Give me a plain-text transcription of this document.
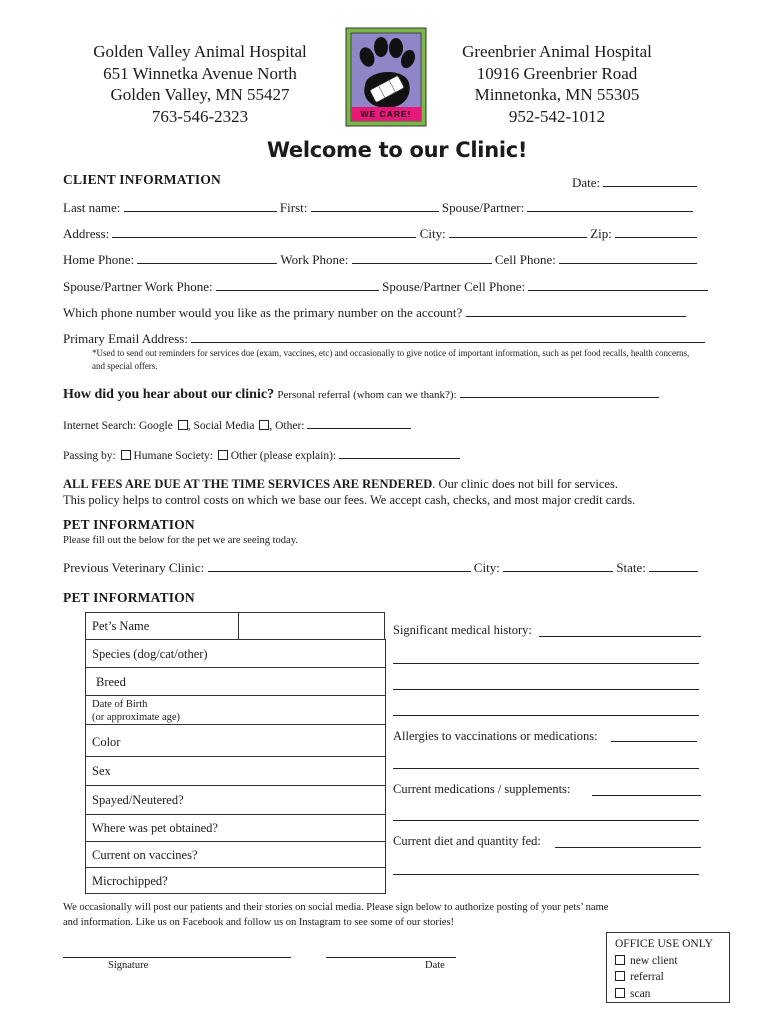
Golden Valley Animal Hospital
651 Winnetka Avenue North
Golden Valley, MN 55427
763-546-2323	WE CARE!
Greenbrier Animal Hospital
10916 Greenbrier Road
Minnetonka, MN 55305
952-542-1012
Welcome to our Clinic!
CLIENT INFORMATION	Date:
Last name:	First:	Spouse/Partner:
Address:	City:	Zip:
Home Phone:	Work Phone:	Cell Phone:
Spouse/Partner Work Phone:	Spouse/Partner Cell Phone:
Which phone number would you like as the primary number on the account?
Primary Email Address:
*Used to send out reminders for services due (exam, vaccines, etc) and occasionally to give notice of important information, such as pet food recalls, health concerns, and special offers.
How did you hear about our clinic? Personal referral (whom can we thank?):
Internet Search: Google , Social Media , Other:
Passing by: Humane Society: Other (please explain):
ALL FEES ARE DUE AT THE TIME SERVICES ARE RENDERED. Our clinic does not bill for services.
This policy helps to control costs on which we base our fees. We accept cash, checks, and most major credit cards.
PET INFORMATION
Please fill out the below for the pet we are seeing today.
Previous Veterinary Clinic:	City:	State:
PET INFORMATION
Pet’s Name
Species (dog/cat/other)
Breed
Date of Birth
(or approximate age)
Color
Sex
Spayed/Neutered?
Where was pet obtained?
Current on vaccines?
Microchipped?
Significant medical history:
Allergies to vaccinations or medications:
Current medications / supplements:
Current diet and quantity fed:
We occasionally will post our patients and their stories on social media. Please sign below to authorize posting of your pets’ name
and information. Like us on Facebook and follow us on Instagram to see some of our stories!
Signature	Date
OFFICE USE ONLY
new client
referral
scan
